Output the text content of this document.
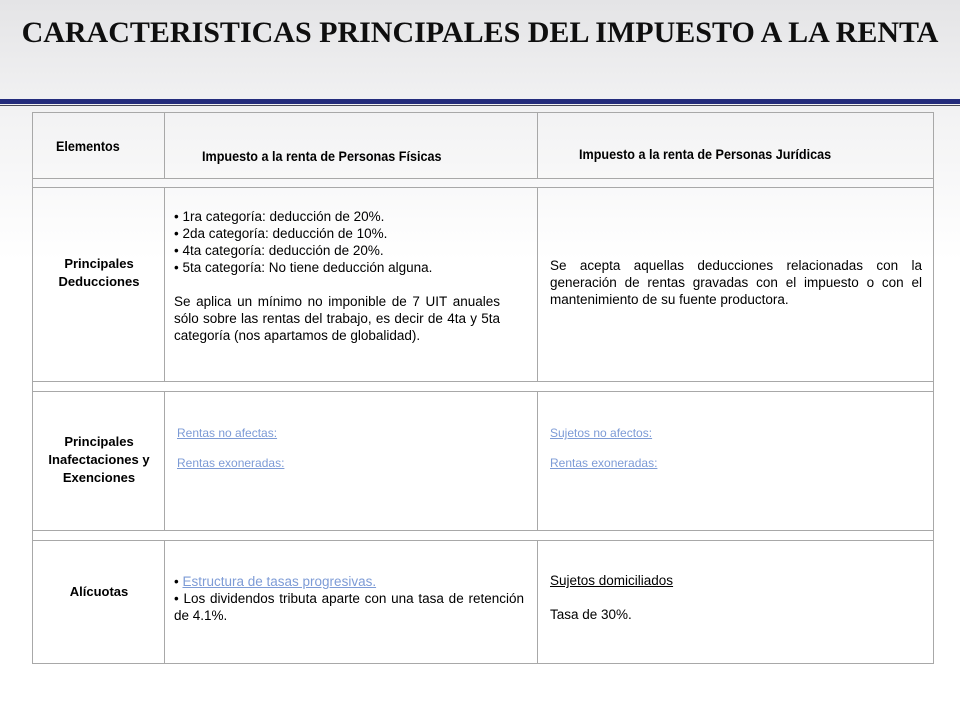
CARACTERISTICAS PRINCIPALES DEL IMPUESTO A LA RENTA
Elementos
Impuesto a la renta de Personas Físicas	Impuesto a la renta de Personas Jurídicas
Principales Deducciones
• 1ra categoría: deducción de 20%.
• 2da categoría: deducción de 10%.
• 4ta categoría: deducción de 20%.
• 5ta categoría: No tiene deducción alguna.
Se aplica un mínimo no imponible de 7 UIT anuales sólo sobre las rentas del trabajo, es decir de 4ta y 5ta categoría (nos apartamos de globalidad).
Se acepta aquellas deducciones relacionadas con la generación de rentas gravadas con el impuesto o con el mantenimiento de su fuente productora.
Principales Inafectaciones y Exenciones
Rentas no afectas:
Rentas exoneradas:
Sujetos no afectos:
Rentas exoneradas:
Alícuotas
• Estructura de tasas progresivas.
• Los dividendos tributa aparte con una tasa de retención de 4.1%.
Sujetos domiciliados
Tasa de 30%.
